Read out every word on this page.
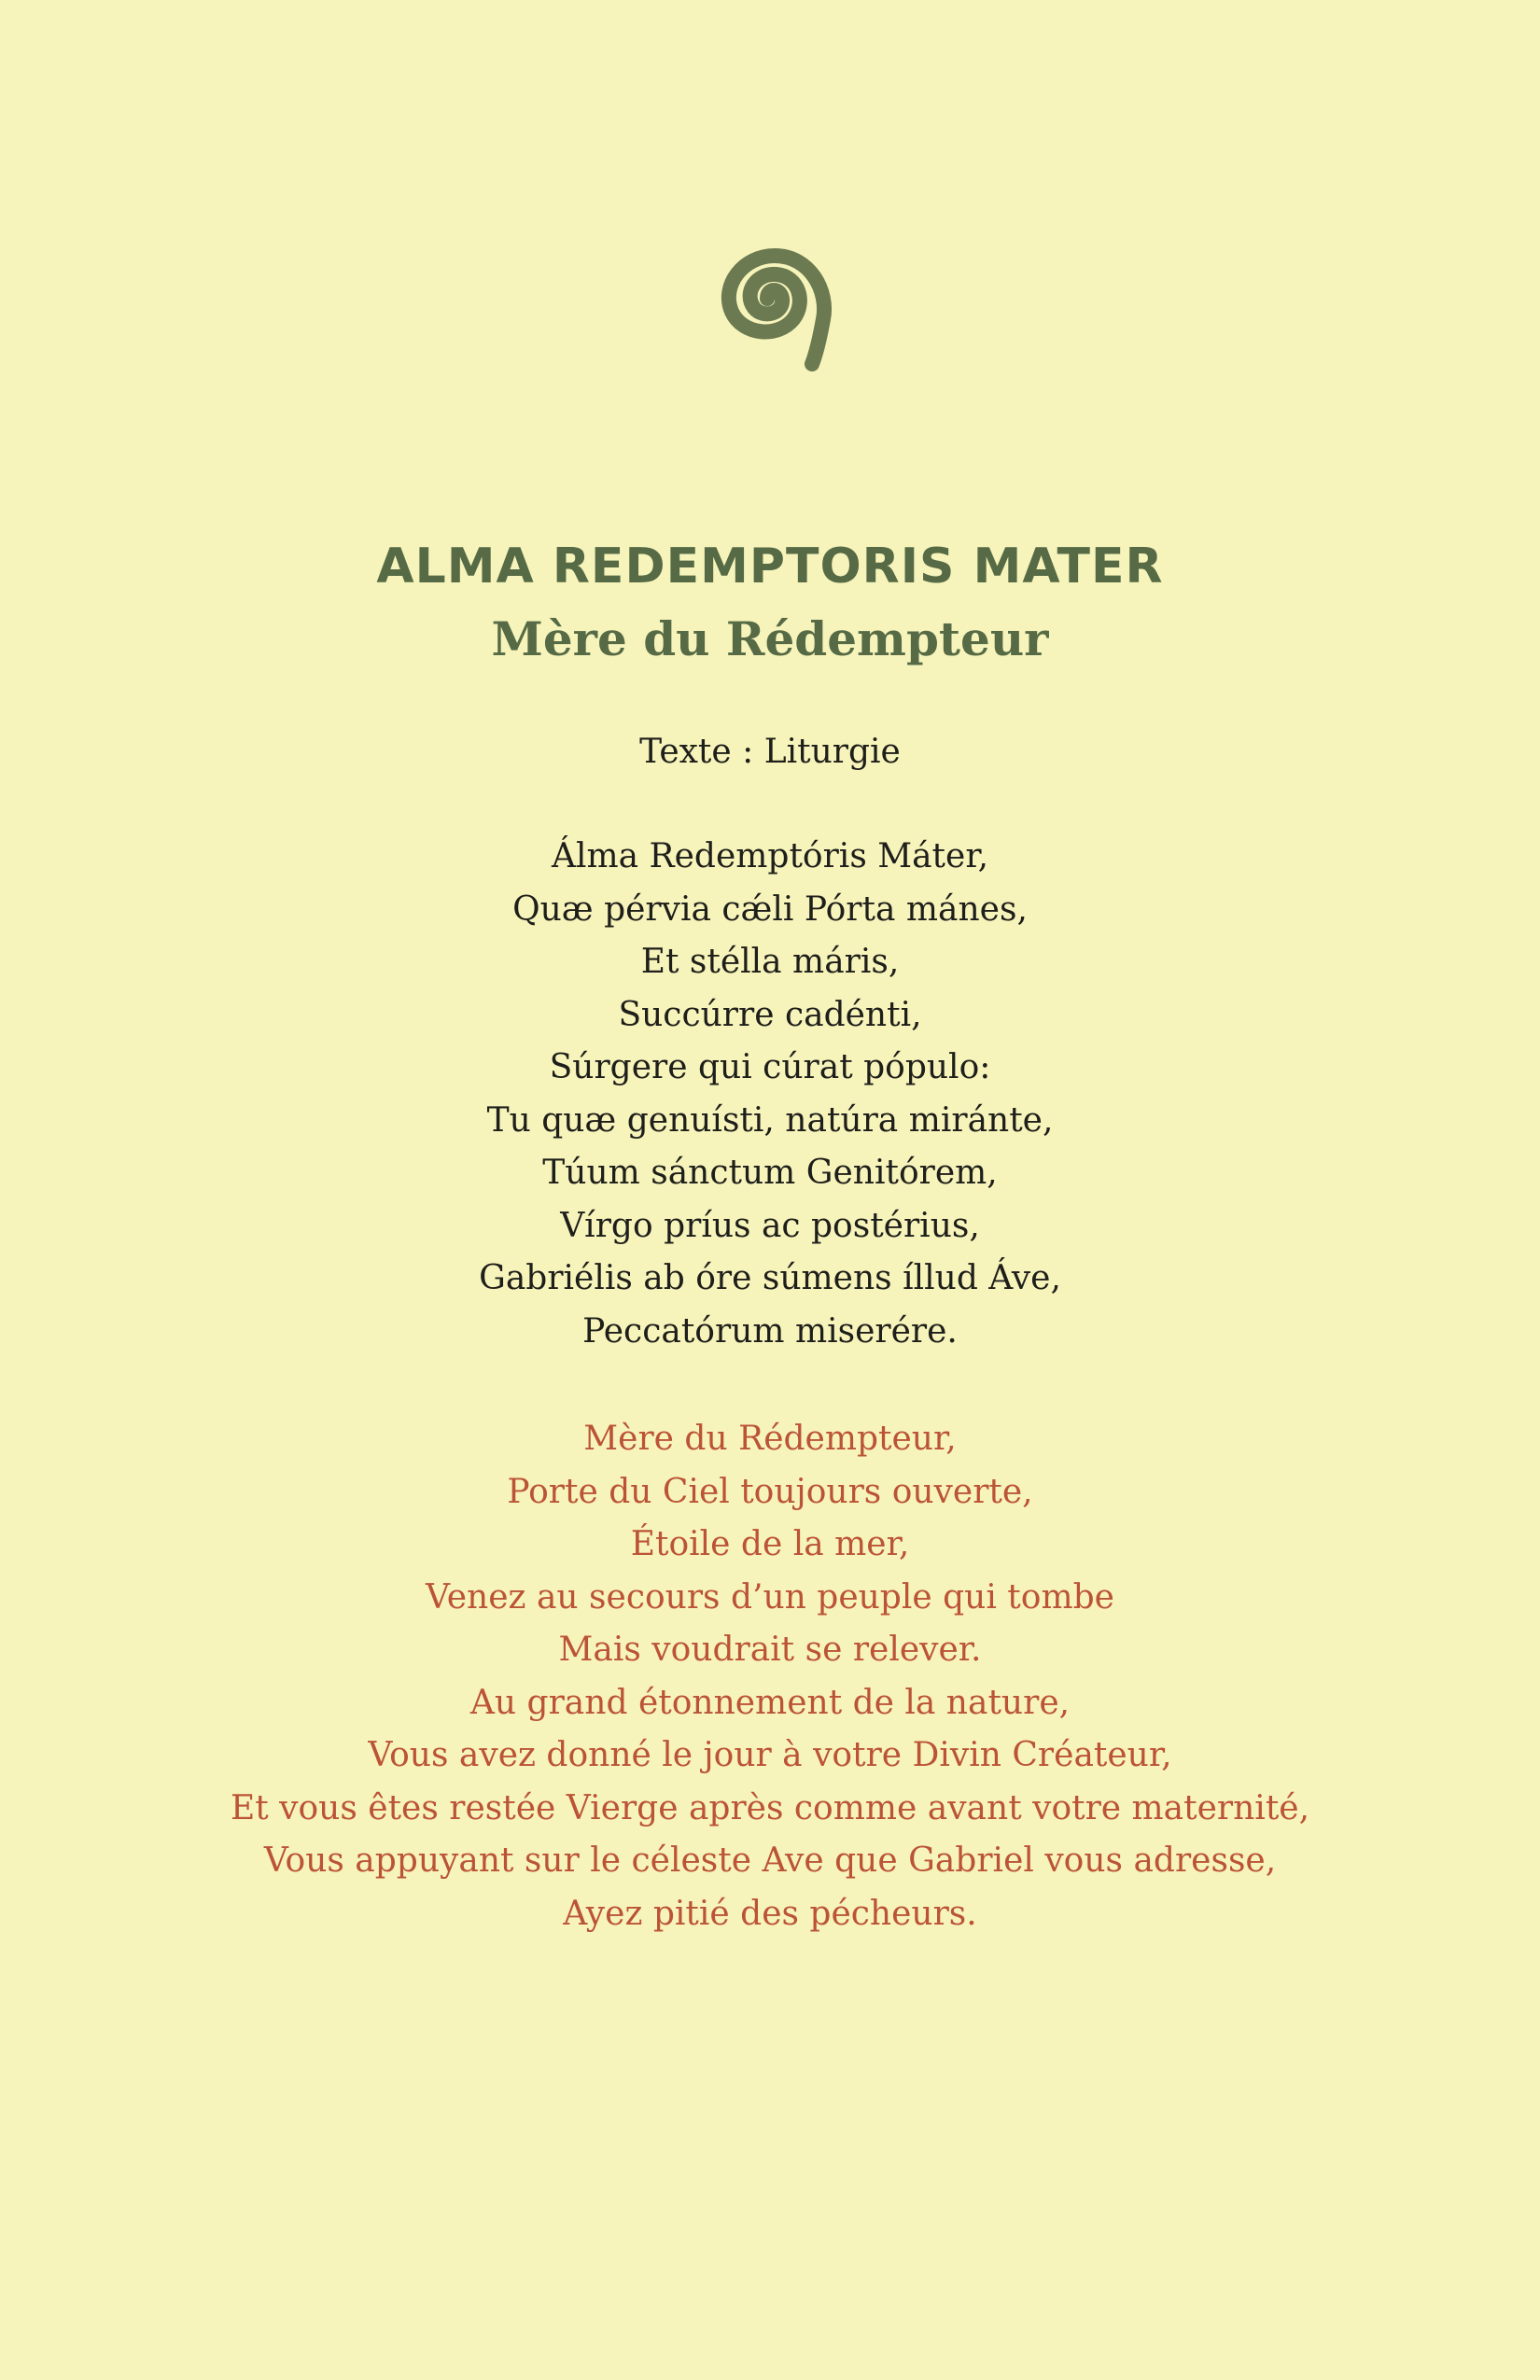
ALMA REDEMPTORIS MATER
Mère du Rédempteur
Texte : Liturgie
Álma Redemptóris Máter,
Quæ pérvia cǽli Pórta mánes,
Et stélla máris,
Succúrre cadénti,
Súrgere qui cúrat pópulo:
Tu quæ genuísti, natúra miránte,
Túum sánctum Genitórem,
Vírgo príus ac postérius,
Gabriélis ab óre súmens íllud Áve,
Peccatórum miserére.
Mère du Rédempteur,
Porte du Ciel toujours ouverte,
Étoile de la mer,
Venez au secours d’un peuple qui tombe
Mais voudrait se relever.
Au grand étonnement de la nature,
Vous avez donné le jour à votre Divin Créateur,
Et vous êtes restée Vierge après comme avant votre maternité,
Vous appuyant sur le céleste Ave que Gabriel vous adresse,
Ayez pitié des pécheurs.
